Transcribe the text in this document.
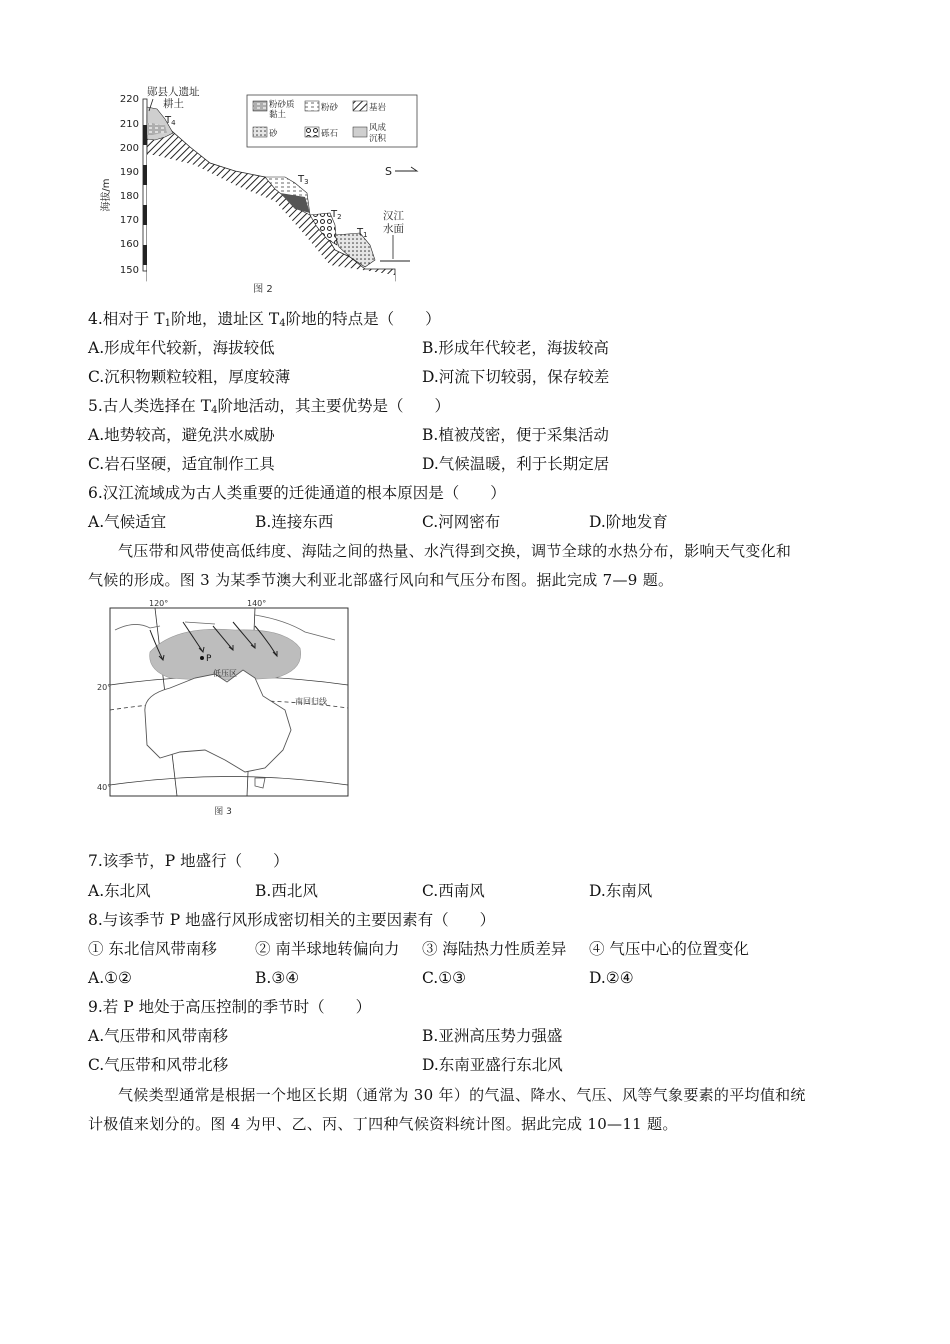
220
210
200
190
180
170
160
150
海拔/m
郧县人遗址
耕土
$T_4$
$T_3$
$T_2$
$T_1$
汉江
水面
S
粉砂质
黏土
粉砂	基岩
砂	砾石
风成
沉积
图 2
4.相对于 $T_1$阶地，遗址区 $T_4$阶地的特点是（　　）
A.形成年代较新，海拔较低	B.形成年代较老，海拔较高
C.沉积物颗粒较粗，厚度较薄	D.河流下切较弱，保存较差
5.古人类选择在 $T_4$阶地活动，其主要优势是（　　）
A.地势较高，避免洪水威胁	B.植被茂密，便于采集活动
C.岩石坚硬，适宜制作工具	D.气候温暖，利于长期定居
6.汉江流域成为古人类重要的迁徙通道的根本原因是（　　）
A.气候适宜	B.连接东西	C.河网密布	D.阶地发育
气压带和风带使高低纬度、海陆之间的热量、水汽得到交换，调节全球的水热分布，影响天气变化和
气候的形成。图 3 为某季节澳大利亚北部盛行风向和气压分布图。据此完成 7—9 题。
120°	140°
20°
40°
P
低压区
南回归线
图 3
7.该季节，P 地盛行（　　）
A.东北风	B.西北风	C.西南风	D.东南风
8.与该季节 P 地盛行风形成密切相关的主要因素有（　　）
① 东北信风带南移 ② 南半球地转偏向力 ③ 海陆热力性质差异 ④ 气压中心的位置变化
A.①②	B.③④	C.①③	D.②④
9.若 P 地处于高压控制的季节时（　　）
A.气压带和风带南移	B.亚洲高压势力强盛
C.气压带和风带北移	D.东南亚盛行东北风
气候类型通常是根据一个地区长期（通常为 30 年）的气温、降水、气压、风等气象要素的平均值和统
计极值来划分的。图 4 为甲、乙、丙、丁四种气候资料统计图。据此完成 10—11 题。
